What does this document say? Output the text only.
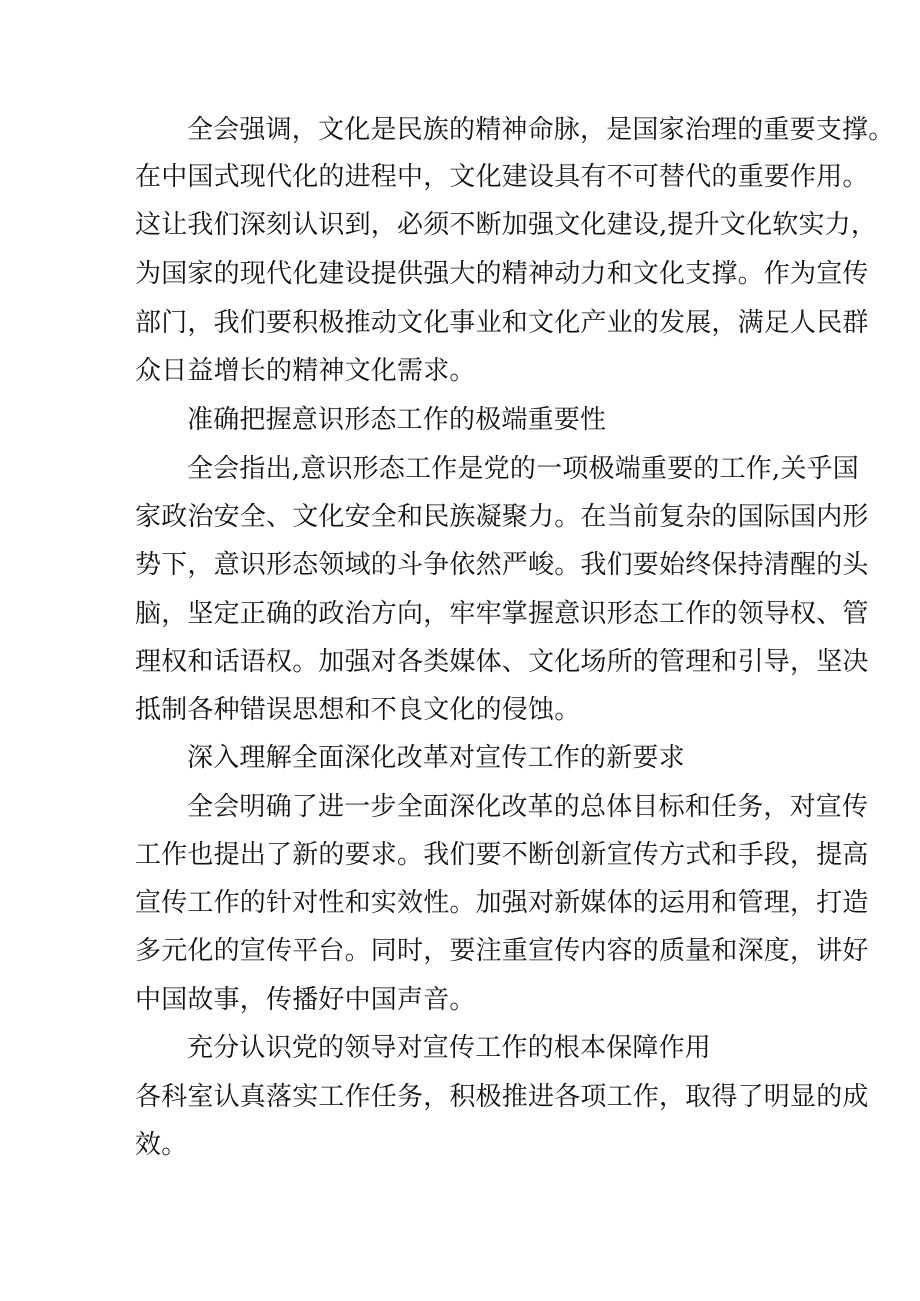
全会强调，文化是民族的精神命脉，是国家治理的重要支撑。
在中国式现代化的进程中，文化建设具有不可替代的重要作用。
这让我们深刻认识到，必须不断加强文化建设,提升文化软实力，
为国家的现代化建设提供强大的精神动力和文化支撑。作为宣传
部门，我们要积极推动文化事业和文化产业的发展，满足人民群
众日益增长的精神文化需求。
准确把握意识形态工作的极端重要性
全会指出,意识形态工作是党的一项极端重要的工作,关乎国
家政治安全、文化安全和民族凝聚力。在当前复杂的国际国内形
势下，意识形态领域的斗争依然严峻。我们要始终保持清醒的头
脑，坚定正确的政治方向，牢牢掌握意识形态工作的领导权、管
理权和话语权。加强对各类媒体、文化场所的管理和引导，坚决
抵制各种错误思想和不良文化的侵蚀。
深入理解全面深化改革对宣传工作的新要求
全会明确了进一步全面深化改革的总体目标和任务，对宣传
工作也提出了新的要求。我们要不断创新宣传方式和手段，提高
宣传工作的针对性和实效性。加强对新媒体的运用和管理，打造
多元化的宣传平台。同时，要注重宣传内容的质量和深度，讲好
中国故事，传播好中国声音。
充分认识党的领导对宣传工作的根本保障作用
各科室认真落实工作任务，积极推进各项工作，取得了明显的成
效。
